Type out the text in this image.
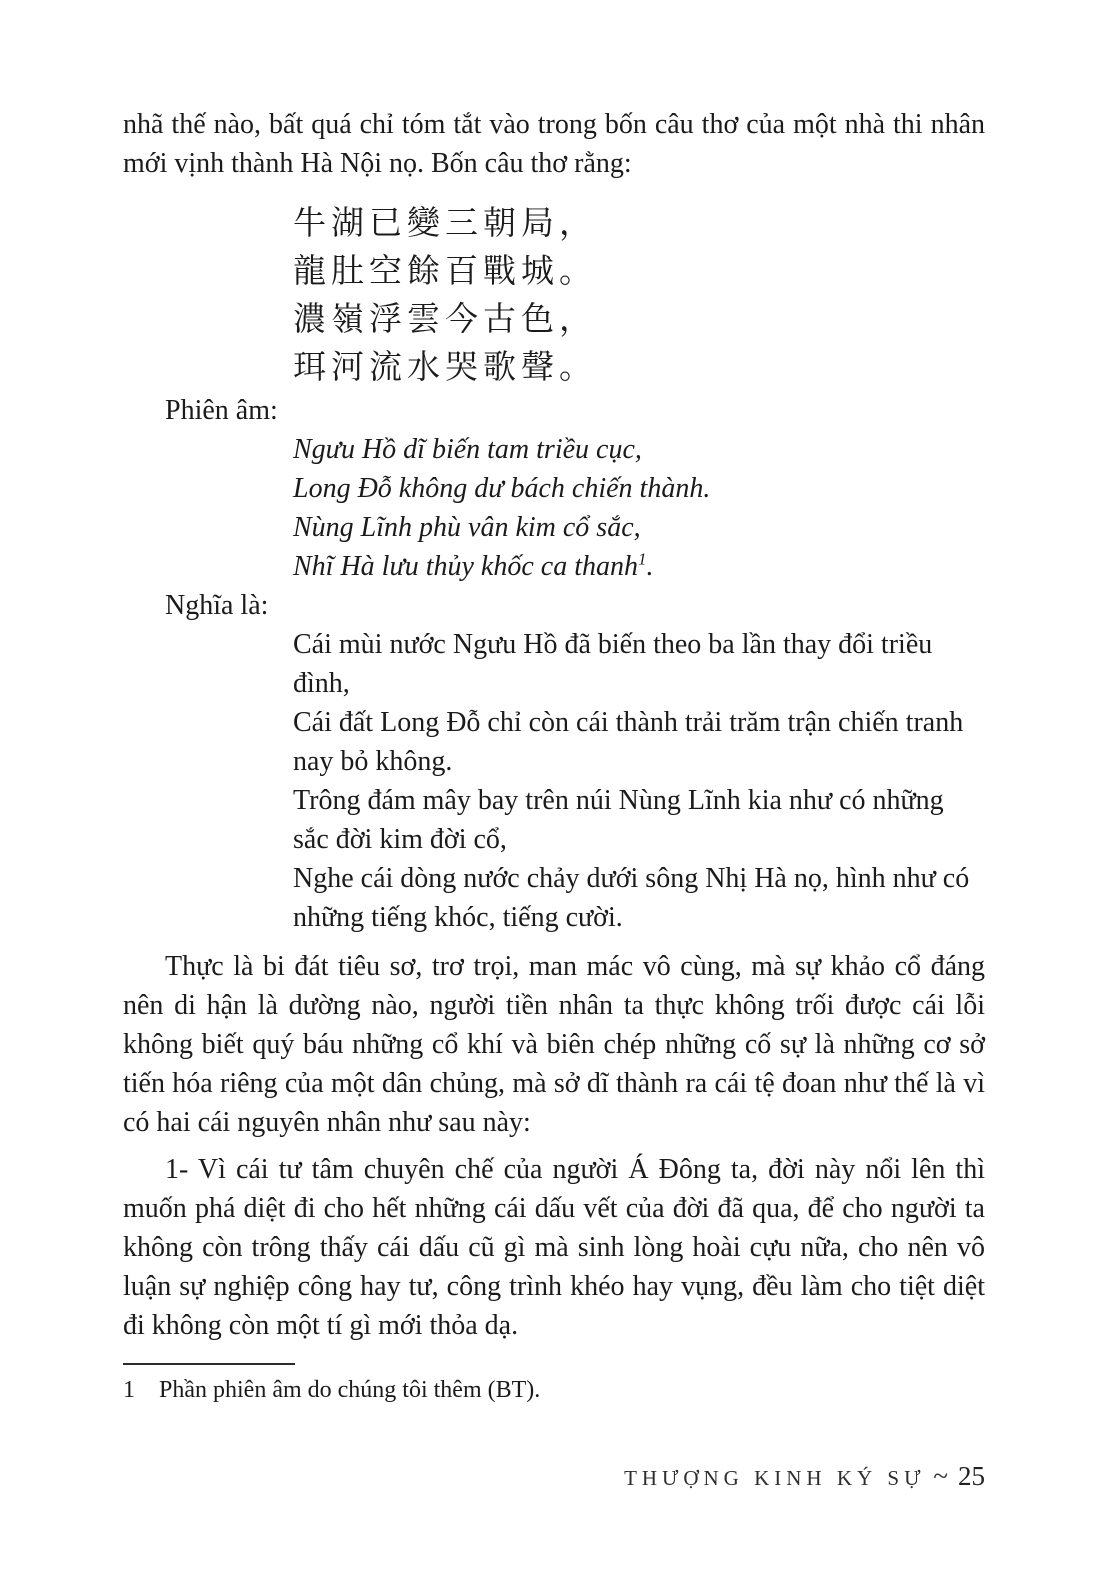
nhã thế nào, bất quá chỉ tóm tắt vào trong bốn câu thơ của một nhà thi nhân mới vịnh thành Hà Nội nọ. Bốn câu thơ rằng:

牛湖已變三朝局，
龍肚空餘百戰城。
濃嶺浮雲今古色，
珥河流水哭歌聲。

Phiên âm:

Ngưu Hồ dĩ biến tam triều cục,
Long Đỗ không dư bách chiến thành.
Nùng Lĩnh phù vân kim cổ sắc,
Nhĩ Hà lưu thủy khốc ca thanh$^1$.

Nghĩa là:

Cái mùi nước Ngưu Hồ đã biến theo ba lần thay đổi triều đình,

Cái đất Long Đỗ chỉ còn cái thành trải trăm trận chiến tranh nay bỏ không.

Trông đám mây bay trên núi Nùng Lĩnh kia như có những sắc đời kim đời cổ,

Nghe cái dòng nước chảy dưới sông Nhị Hà nọ, hình như có những tiếng khóc, tiếng cười.

Thực là bi đát tiêu sơ, trơ trọi, man mác vô cùng, mà sự khảo cổ đáng nên di hận là dường nào, người tiền nhân ta thực không trối được cái lỗi không biết quý báu những cổ khí và biên chép những cố sự là những cơ sở tiến hóa riêng của một dân chủng, mà sở dĩ thành ra cái tệ đoan như thế là vì có hai cái nguyên nhân như sau này:

1- Vì cái tư tâm chuyên chế của người Á Đông ta, đời này nổi lên thì muốn phá diệt đi cho hết những cái dấu vết của đời đã qua, để cho người ta không còn trông thấy cái dấu cũ gì mà sinh lòng hoài cựu nữa, cho nên vô luận sự nghiệp công hay tư, công trình khéo hay vụng, đều làm cho tiệt diệt đi không còn một tí gì mới thỏa dạ.

1	Phần phiên âm do chúng tôi thêm (BT).
THƯỢNG KINH KÝ SỰ ~ 25
